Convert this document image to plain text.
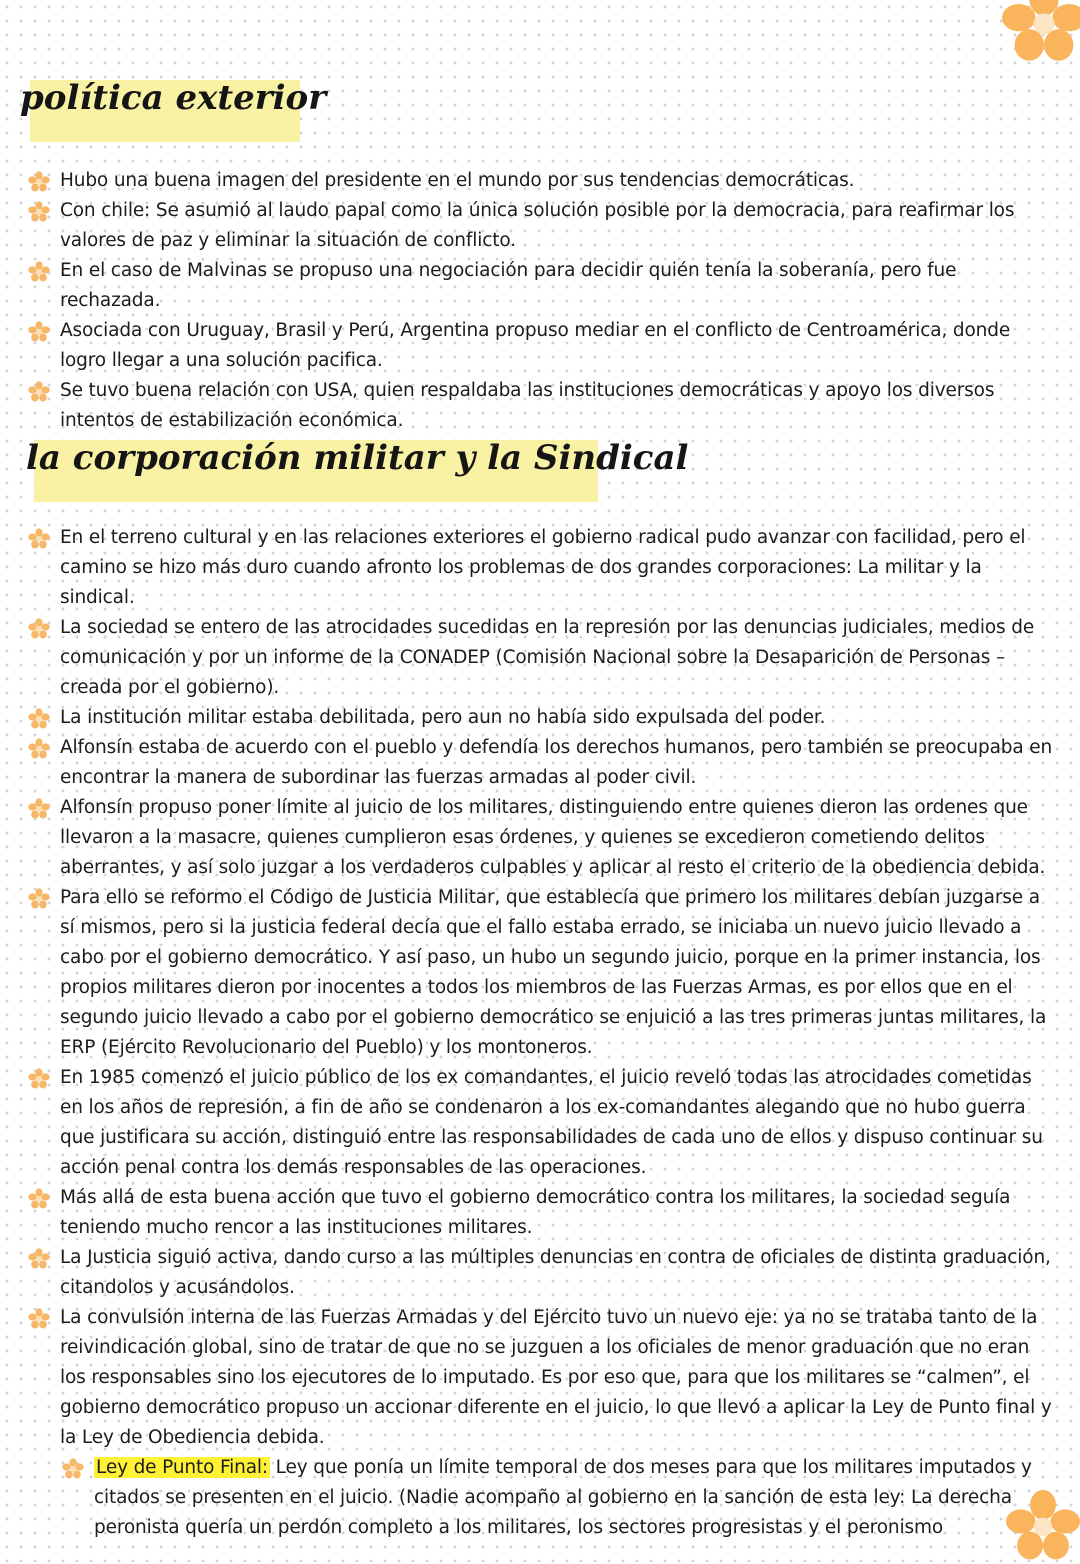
política exterior
Hubo una buena imagen del presidente en el mundo por sus tendencias democráticas.
Con chile: Se asumió al laudo papal como la única solución posible por la democracia, para reafirmar los valores de paz y eliminar la situación de conflicto.
En el caso de Malvinas se propuso una negociación para decidir quién tenía la soberanía, pero fue rechazada.
Asociada con Uruguay, Brasil y Perú, Argentina propuso mediar en el conflicto de Centroamérica, donde logro llegar a una solución pacifica.
Se tuvo buena relación con USA, quien respaldaba las instituciones democráticas y apoyo los diversos intentos de estabilización económica.
la corporación militar y la Sindical
En el terreno cultural y en las relaciones exteriores el gobierno radical pudo avanzar con facilidad, pero el camino se hizo más duro cuando afronto los problemas de dos grandes corporaciones: La militar y la sindical.
La sociedad se entero de las atrocidades sucedidas en la represión por las denuncias judiciales, medios de comunicación y por un informe de la CONADEP (Comisión Nacional sobre la Desaparición de Personas – creada por el gobierno).
La institución militar estaba debilitada, pero aun no había sido expulsada del poder.
Alfonsín estaba de acuerdo con el pueblo y defendía los derechos humanos, pero también se preocupaba en encontrar la manera de subordinar las fuerzas armadas al poder civil.
Alfonsín propuso poner límite al juicio de los militares, distinguiendo entre quienes dieron las ordenes que llevaron a la masacre, quienes cumplieron esas órdenes, y quienes se excedieron cometiendo delitos aberrantes, y así solo juzgar a los verdaderos culpables y aplicar al resto el criterio de la obediencia debida.
Para ello se reformo el Código de Justicia Militar, que establecía que primero los militares debían juzgarse a sí mismos, pero si la justicia federal decía que el fallo estaba errado, se iniciaba un nuevo juicio llevado a cabo por el gobierno democrático. Y así paso, un hubo un segundo juicio, porque en la primer instancia, los propios militares dieron por inocentes a todos los miembros de las Fuerzas Armas, es por ellos que en el segundo juicio llevado a cabo por el gobierno democrático se enjuició a las tres primeras juntas militares, la ERP (Ejército Revolucionario del Pueblo) y los montoneros.
En 1985 comenzó el juicio público de los ex comandantes, el juicio reveló todas las atrocidades cometidas en los años de represión, a fin de año se condenaron a los ex-comandantes alegando que no hubo guerra que justificara su acción, distinguió entre las responsabilidades de cada uno de ellos y dispuso continuar su acción penal contra los demás responsables de las operaciones.
Más allá de esta buena acción que tuvo el gobierno democrático contra los militares, la sociedad seguía teniendo mucho rencor a las instituciones militares.
La Justicia siguió activa, dando curso a las múltiples denuncias en contra de oficiales de distinta graduación, citandolos y acusándolos.
La convulsión interna de las Fuerzas Armadas y del Ejército tuvo un nuevo eje: ya no se trataba tanto de la reivindicación global, sino de tratar de que no se juzguen a los oficiales de menor graduación que no eran los responsables sino los ejecutores de lo imputado. Es por eso que, para que los militares se “calmen”, el gobierno democrático propuso un accionar diferente en el juicio, lo que llevó a aplicar la Ley de Punto final y la Ley de Obediencia debida.
Ley de Punto Final: Ley que ponía un límite temporal de dos meses para que los militares imputados y citados se presenten en el juicio. (Nadie acompaño al gobierno en la sanción de esta ley: La derecha peronista quería un perdón completo a los militares, los sectores progresistas y el peronismo
